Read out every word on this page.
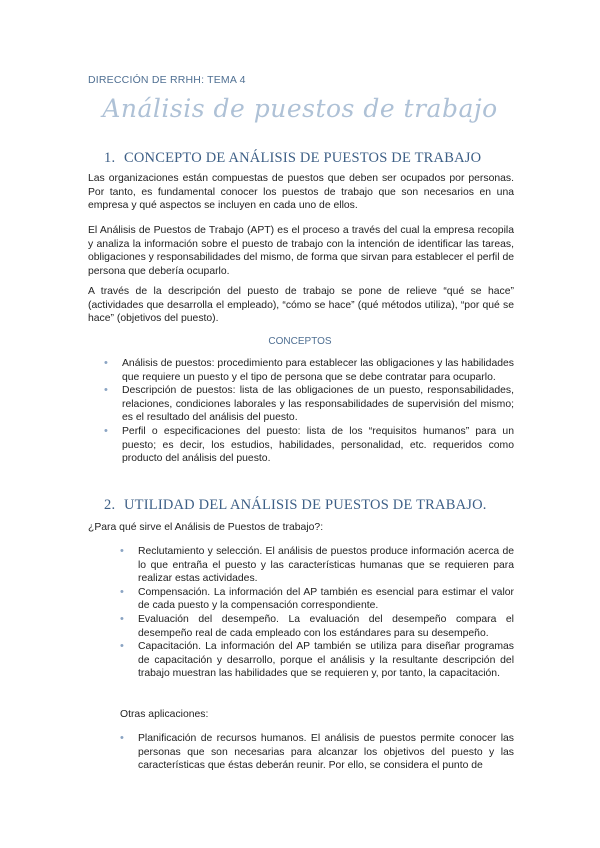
DIRECCIÓN DE RRHH: TEMA 4
Análisis de puestos de trabajo
1. CONCEPTO DE ANÁLISIS DE PUESTOS DE TRABAJO

Las organizaciones están compuestas de puestos que deben ser ocupados por personas. Por tanto, es fundamental conocer los puestos de trabajo que son necesarios en una empresa y qué aspectos se incluyen en cada uno de ellos.

El Análisis de Puestos de Trabajo (APT) es el proceso a través del cual la empresa recopila y analiza la información sobre el puesto de trabajo con la intención de identificar las tareas, obligaciones y responsabilidades del mismo, de forma que sirvan para establecer el perfil de persona que debería ocuparlo.

A través de la descripción del puesto de trabajo se pone de relieve “qué se hace” (actividades que desarrolla el empleado), “cómo se hace” (qué métodos utiliza), “por qué se hace” (objetivos del puesto).

CONCEPTOS
• Análisis de puestos: procedimiento para establecer las obligaciones y las habilidades que requiere un puesto y el tipo de persona que se debe contratar para ocuparlo.
• Descripción de puestos: lista de las obligaciones de un puesto, responsabilidades, relaciones, condiciones laborales y las responsabilidades de supervisión del mismo; es el resultado del análisis del puesto.
• Perfil o especificaciones del puesto: lista de los “requisitos humanos” para un puesto; es decir, los estudios, habilidades, personalidad, etc. requeridos como producto del análisis del puesto.
2. UTILIDAD DEL ANÁLISIS DE PUESTOS DE TRABAJO.

¿Para qué sirve el Análisis de Puestos de trabajo?:

• Reclutamiento y selección. El análisis de puestos produce información acerca de lo que entraña el puesto y las características humanas que se requieren para realizar estas actividades.
• Compensación. La información del AP también es esencial para estimar el valor de cada puesto y la compensación correspondiente.
• Evaluación del desempeño. La evaluación del desempeño compara el desempeño real de cada empleado con los estándares para su desempeño.
• Capacitación. La información del AP también se utiliza para diseñar programas de capacitación y desarrollo, porque el análisis y la resultante descripción del trabajo muestran las habilidades que se requieren y, por tanto, la capacitación.

Otras aplicaciones:

• Planificación de recursos humanos. El análisis de puestos permite conocer las personas que son necesarias para alcanzar los objetivos del puesto y las características que éstas deberán reunir. Por ello, se considera el punto de
